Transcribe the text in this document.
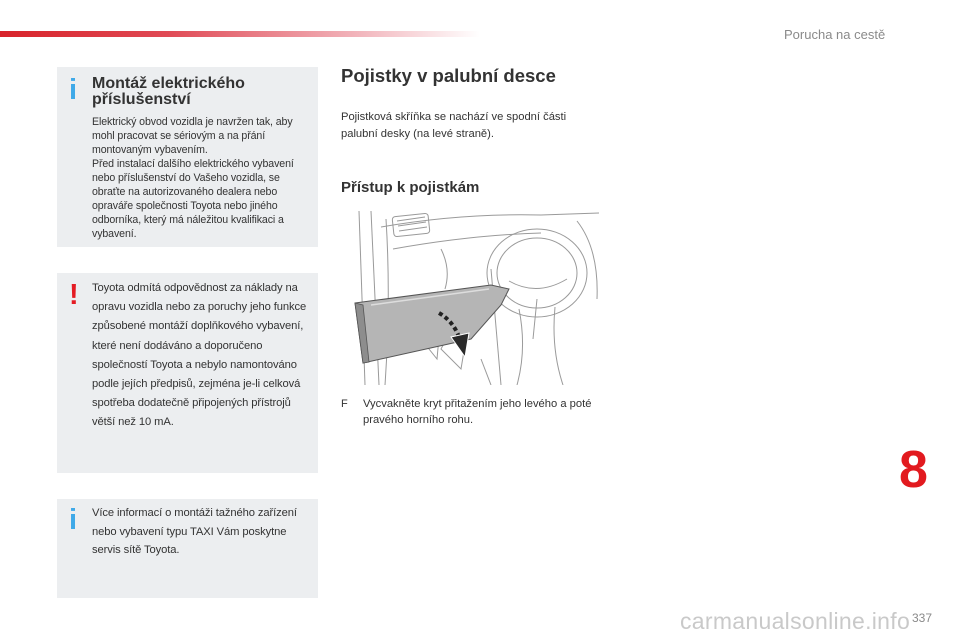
Porucha na cestě
i Montáž elektrického příslušenství
Elektrický obvod vozidla je navržen tak, aby mohl pracovat se sériovým a na přání montovaným vybavením.
Před instalací dalšího elektrického vybavení nebo příslušenství do Vašeho vozidla, se obraťte na autorizovaného dealera nebo opraváře společnosti Toyota nebo jiného odborníka, který má náležitou kvalifikaci a vybavení.
! Toyota odmítá odpovědnost za náklady na opravu vozidla nebo za poruchy jeho funkce způsobené montáží doplňkového vybavení, které není dodáváno a doporučeno společností Toyota a nebylo namontováno podle jejích předpisů, zejména je-li celková spotřeba dodatečně připojených přístrojů větší než 10 mA.

i Více informací o montáži tažného zařízení nebo vybavení typu TAXI Vám poskytne servis sítě Toyota.

Pojistky v palubní desce
Pojistková skříňka se nachází ve spodní části palubní desky (na levé straně).
Přístup k pojistkám
F Vycvakněte kryt přitažením jeho levého a poté pravého horního rohu.
8
337
carmanualsonline.info
